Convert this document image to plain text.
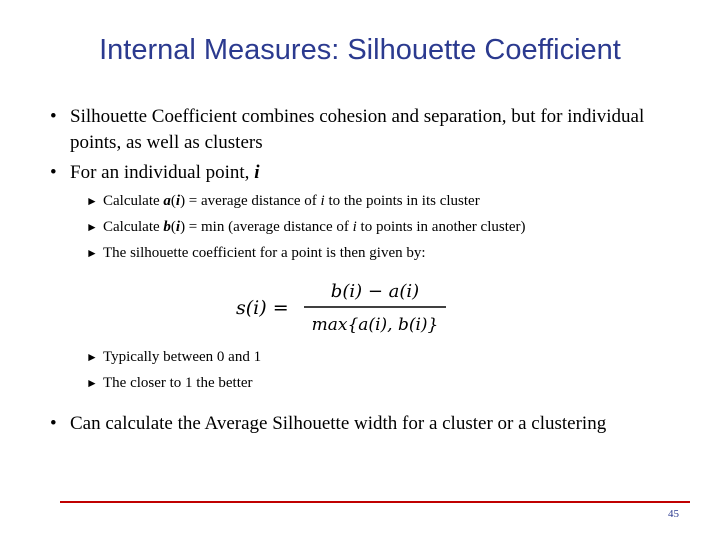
Internal Measures: Silhouette Coefficient
• Silhouette Coefficient combines cohesion and separation, but for individual points, as well as clusters
• For an individual point, i
► Calculate a(i) = average distance of i to the points in its cluster
► Calculate b(i) = min (average distance of i to points in another cluster)
► The silhouette coefficient for a point is then given by:
s(i) =
b(i) − a(i)
max{a(i), b(i)}
► Typically between 0 and 1
► The closer to 1 the better
• Can calculate the Average Silhouette width for a cluster or a clustering
45
